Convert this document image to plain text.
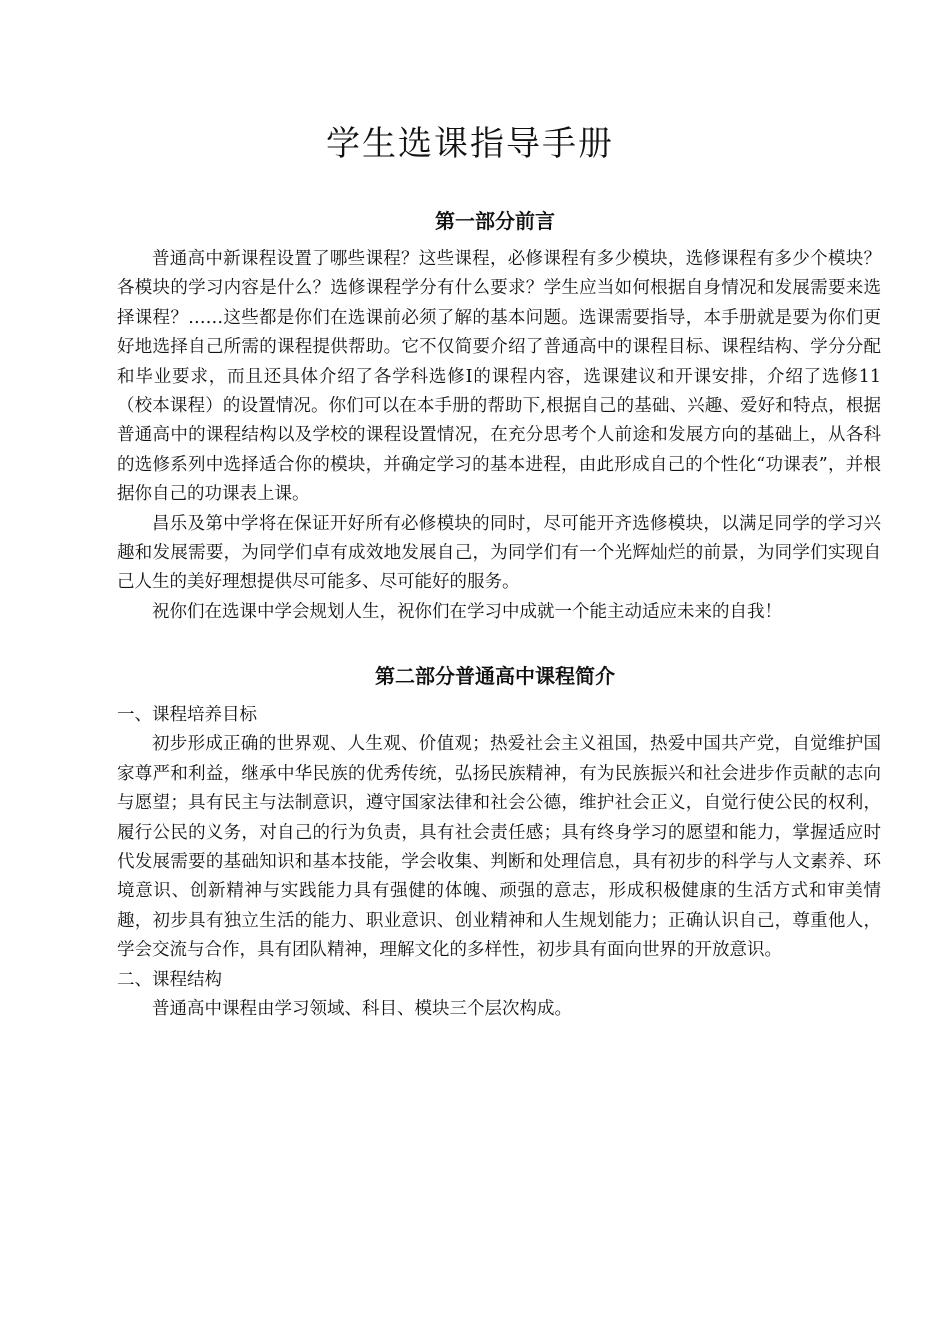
学生选课指导手册
第一部分前言

普通高中新课程设置了哪些课程？这些课程，必修课程有多少模块，选修课程有多少个模块？各模块的学习内容是什么？选修课程学分有什么要求？学生应当如何根据自身情况和发展需要来选择课程？……这些都是你们在选课前必须了解的基本问题。选课需要指导，本手册就是要为你们更好地选择自己所需的课程提供帮助。它不仅简要介绍了普通高中的课程目标、课程结构、学分分配和毕业要求，而且还具体介绍了各学科选修Ⅰ的课程内容，选课建议和开课安排，介绍了选修11（校本课程）的设置情况。你们可以在本手册的帮助下,根据自己的基础、兴趣、爱好和特点，根据普通高中的课程结构以及学校的课程设置情况，在充分思考个人前途和发展方向的基础上，从各科的选修系列中选择适合你的模块，并确定学习的基本进程，由此形成自己的个性化“功课表”，并根据你自己的功课表上课。

昌乐及第中学将在保证开好所有必修模块的同时，尽可能开齐选修模块，以满足同学的学习兴趣和发展需要，为同学们卓有成效地发展自己，为同学们有一个光辉灿烂的前景，为同学们实现自己人生的美好理想提供尽可能多、尽可能好的服务。

祝你们在选课中学会规划人生，祝你们在学习中成就一个能主动适应未来的自我！

第二部分普通高中课程简介

一、课程培养目标

初步形成正确的世界观、人生观、价值观；热爱社会主义祖国，热爱中国共产党，自觉维护国家尊严和利益，继承中华民族的优秀传统，弘扬民族精神，有为民族振兴和社会进步作贡献的志向与愿望；具有民主与法制意识，遵守国家法律和社会公德，维护社会正义，自觉行使公民的权利，履行公民的义务，对自己的行为负责，具有社会责任感；具有终身学习的愿望和能力，掌握适应时代发展需要的基础知识和基本技能，学会收集、判断和处理信息，具有初步的科学与人文素养、环境意识、创新精神与实践能力具有强健的体魄、顽强的意志，形成积极健康的生活方式和审美情趣，初步具有独立生活的能力、职业意识、创业精神和人生规划能力；正确认识自己，尊重他人，学会交流与合作，具有团队精神，理解文化的多样性，初步具有面向世界的开放意识。

二、课程结构

普通高中课程由学习领域、科目、模块三个层次构成。
